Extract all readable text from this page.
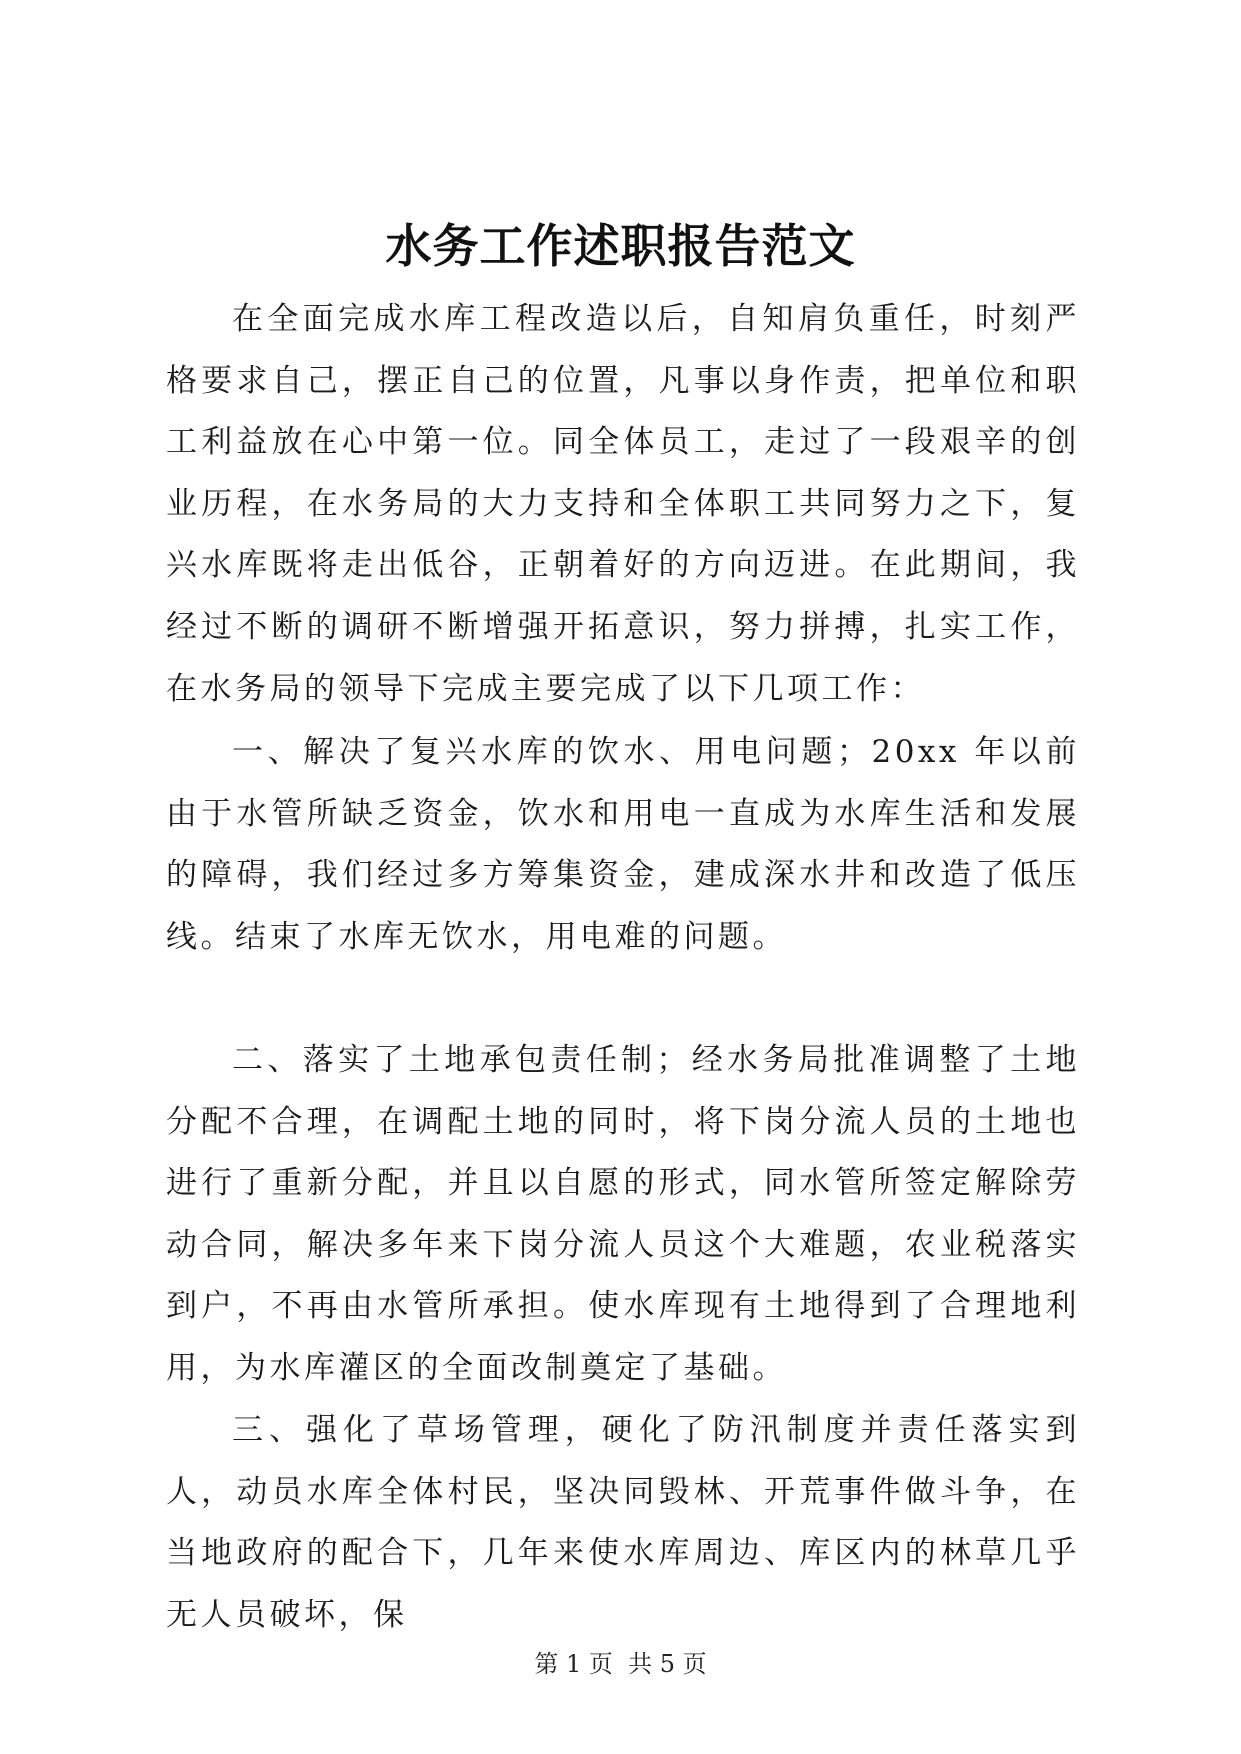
水务工作述职报告范文

在全面完成水库工程改造以后，自知肩负重任，时刻严格要求自己，摆正自己的位置，凡事以身作责，把单位和职工利益放在心中第一位。同全体员工，走过了一段艰辛的创业历程，在水务局的大力支持和全体职工共同努力之下，复兴水库既将走出低谷，正朝着好的方向迈进。在此期间，我经过不断的调研不断增强开拓意识，努力拼搏，扎实工作，在水务局的领导下完成主要完成了以下几项工作：

一、解决了复兴水库的饮水、用电问题；20xx 年以前由于水管所缺乏资金，饮水和用电一直成为水库生活和发展的障碍，我们经过多方筹集资金，建成深水井和改造了低压线。结束了水库无饮水，用电难的问题。

二、落实了土地承包责任制；经水务局批准调整了土地分配不合理，在调配土地的同时，将下岗分流人员的土地也进行了重新分配，并且以自愿的形式，同水管所签定解除劳动合同，解决多年来下岗分流人员这个大难题，农业税落实到户，不再由水管所承担。使水库现有土地得到了合理地利用，为水库灌区的全面改制奠定了基础。

三、强化了草场管理，硬化了防汛制度并责任落实到人，动员水库全体村民，坚决同毁林、开荒事件做斗争，在当地政府的配合下，几年来使水库周边、库区内的林草几乎无人员破坏，保

第 1 页  共 5 页
